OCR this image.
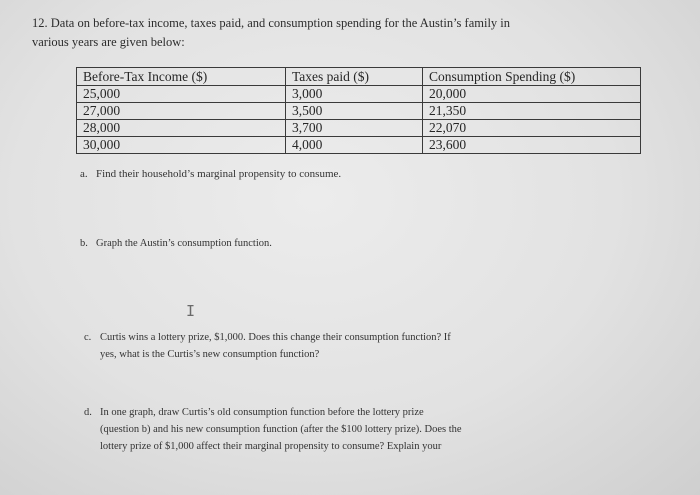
12. Data on before-tax income, taxes paid, and consumption spending for the Austin’s family in
various years are given below:
Before-Tax Income ($)	Taxes paid ($)	Consumption Spending ($)
25,000	3,000	20,000
27,000	3,500	21,350
28,000	3,700	22,070
30,000	4,000	23,600
a. Find their household’s marginal propensity to consume.
b. Graph the Austin’s consumption function.
I
c. Curtis wins a lottery prize, $1,000. Does this change their consumption function? If
yes, what is the Curtis’s new consumption function?
d. In one graph, draw Curtis’s old consumption function before the lottery prize
(question b) and his new consumption function (after the $100 lottery prize). Does the
lottery prize of $1,000 affect their marginal propensity to consume? Explain your
